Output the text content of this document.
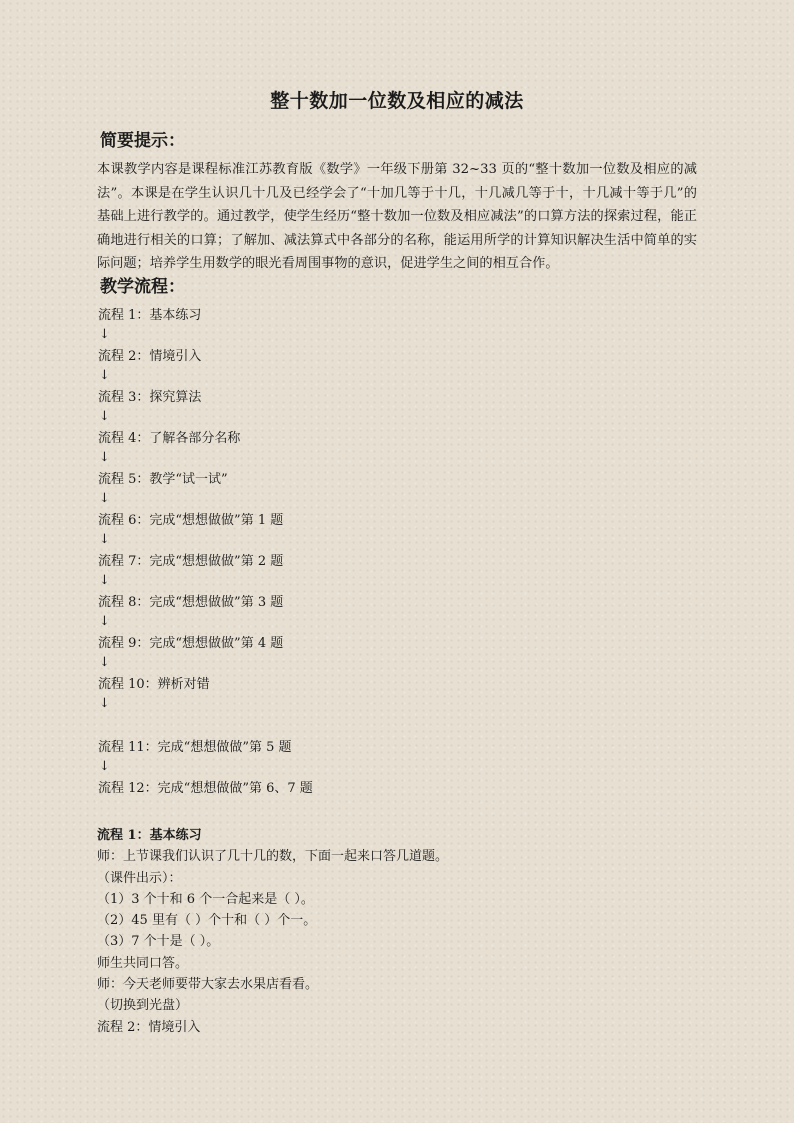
整十数加一位数及相应的减法
简要提示：
本课教学内容是课程标准江苏教育版《数学》一年级下册第 32~33 页的“整十数加一位数及相应的减法”。本课是在学生认识几十几及已经学会了“十加几等于十几，十几减几等于十，十几减十等于几”的基础上进行教学的。通过教学，使学生经历“整十数加一位数及相应减法”的口算方法的探索过程，能正确地进行相关的口算；了解加、减法算式中各部分的名称，能运用所学的计算知识解决生活中简单的实际问题；培养学生用数学的眼光看周围事物的意识，促进学生之间的相互合作。
教学流程：
流程 1：基本练习
↓
流程 2：情境引入
↓
流程 3：探究算法
↓
流程 4：了解各部分名称
↓
流程 5：教学“试一试”
↓
流程 6：完成“想想做做”第 1 题
↓
流程 7：完成“想想做做”第 2 题
↓
流程 8：完成“想想做做”第 3 题
↓
流程 9：完成“想想做做”第 4 题
↓
流程 10：辨析对错
↓
流程 11：完成“想想做做”第 5 题
↓
流程 12：完成“想想做做”第 6、7 题
流程 1：基本练习
师：上节课我们认识了几十几的数，下面一起来口答几道题。
（课件出示）：
（1）3 个十和 6 个一合起来是（ ）。
（2）45 里有（ ）个十和（ ）个一。
（3）7 个十是（ ）。
师生共同口答。
师：今天老师要带大家去水果店看看。
（切换到光盘）
流程 2：情境引入
